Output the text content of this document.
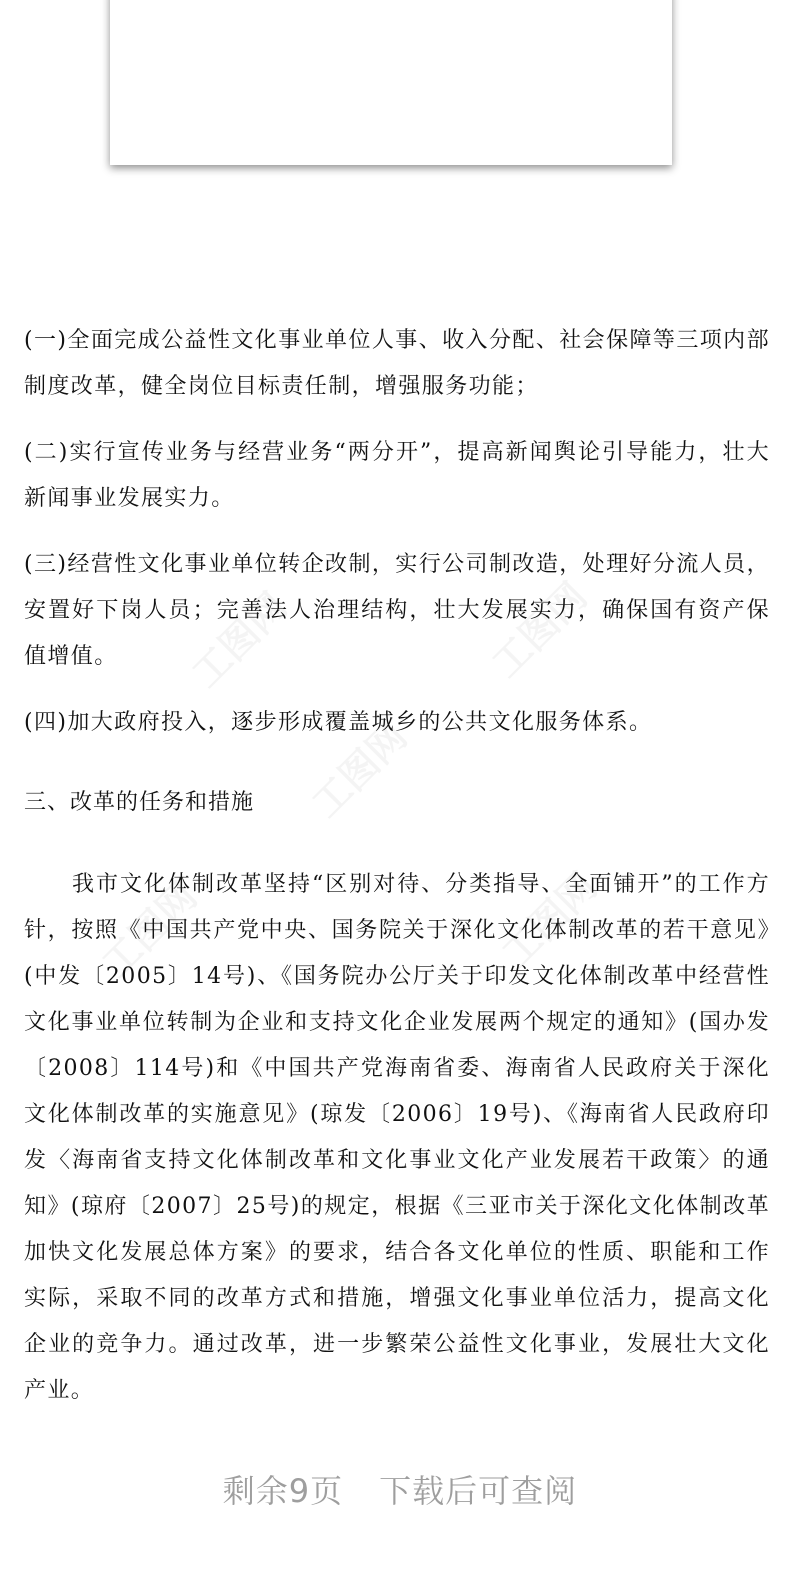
(一)全面完成公益性文化事业单位人事、收入分配、社会保障等三项内部制度改革，健全岗位目标责任制，增强服务功能；

(二)实行宣传业务与经营业务“两分开”，提高新闻舆论引导能力，壮大新闻事业发展实力。

(三)经营性文化事业单位转企改制，实行公司制改造，处理好分流人员，安置好下岗人员；完善法人治理结构，壮大发展实力，确保国有资产保值增值。

(四)加大政府投入，逐步形成覆盖城乡的公共文化服务体系。

三、改革的任务和措施

我市文化体制改革坚持“区别对待、分类指导、全面铺开”的工作方针，按照《中国共产党中央、国务院关于深化文化体制改革的若干意见》(中发〔2005〕14号)、《国务院办公厅关于印发文化体制改革中经营性文化事业单位转制为企业和支持文化企业发展两个规定的通知》(国办发〔2008〕114号)和《中国共产党海南省委、海南省人民政府关于深化文化体制改革的实施意见》(琼发〔2006〕19号)、《海南省人民政府印发〈海南省支持文化体制改革和文化事业文化产业发展若干政策〉的通知》(琼府〔2007〕25号)的规定，根据《三亚市关于深化文化体制改革加快文化发展总体方案》的要求，结合各文化单位的性质、职能和工作实际，采取不同的改革方式和措施，增强文化事业单位活力，提高文化企业的竞争力。通过改革，进一步繁荣公益性文化事业，发展壮大文化产业。

剩余9页 下载后可查阅
